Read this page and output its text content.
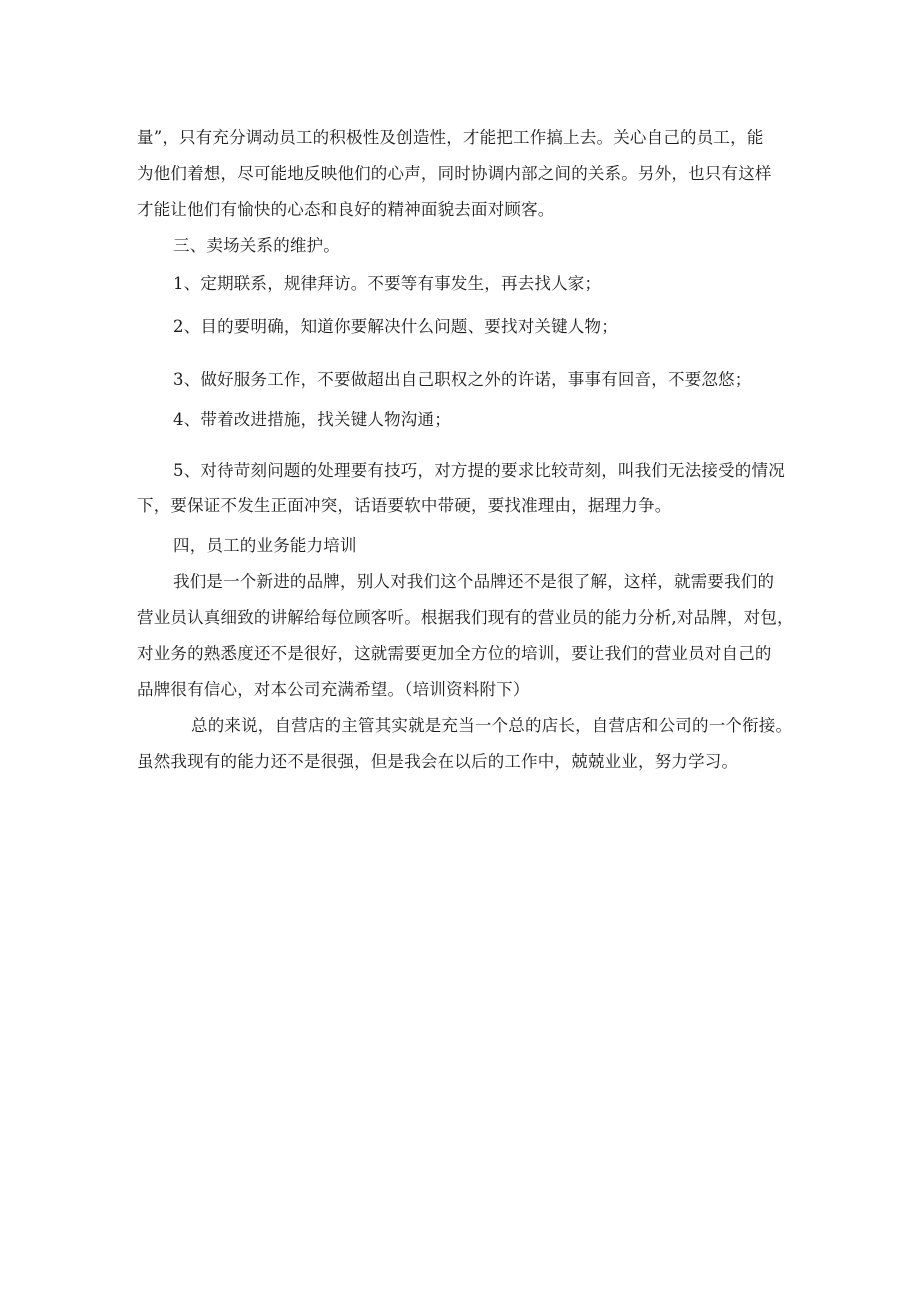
量”，只有充分调动员工的积极性及创造性，才能把工作搞上去。关心自己的员工，能
为他们着想，尽可能地反映他们的心声，同时协调内部之间的关系。另外，也只有这样
才能让他们有愉快的心态和良好的精神面貌去面对顾客。
三、卖场关系的维护。
1、定期联系，规律拜访。不要等有事发生，再去找人家；
2、目的要明确，知道你要解决什么问题、要找对关键人物；
3、做好服务工作，不要做超出自己职权之外的许诺，事事有回音，不要忽悠；
4、带着改进措施，找关键人物沟通；
5、对待苛刻问题的处理要有技巧，对方提的要求比较苛刻，叫我们无法接受的情况
下，要保证不发生正面冲突，话语要软中带硬，要找准理由，据理力争。
四，员工的业务能力培训
我们是一个新进的品牌，别人对我们这个品牌还不是很了解，这样，就需要我们的
营业员认真细致的讲解给每位顾客听。根据我们现有的营业员的能力分析,对品牌，对包，
对业务的熟悉度还不是很好，这就需要更加全方位的培训，要让我们的营业员对自己的
品牌很有信心，对本公司充满希望。（培训资料附下）
总的来说，自营店的主管其实就是充当一个总的店长，自营店和公司的一个衔接。
虽然我现有的能力还不是很强，但是我会在以后的工作中，兢兢业业，努力学习。
